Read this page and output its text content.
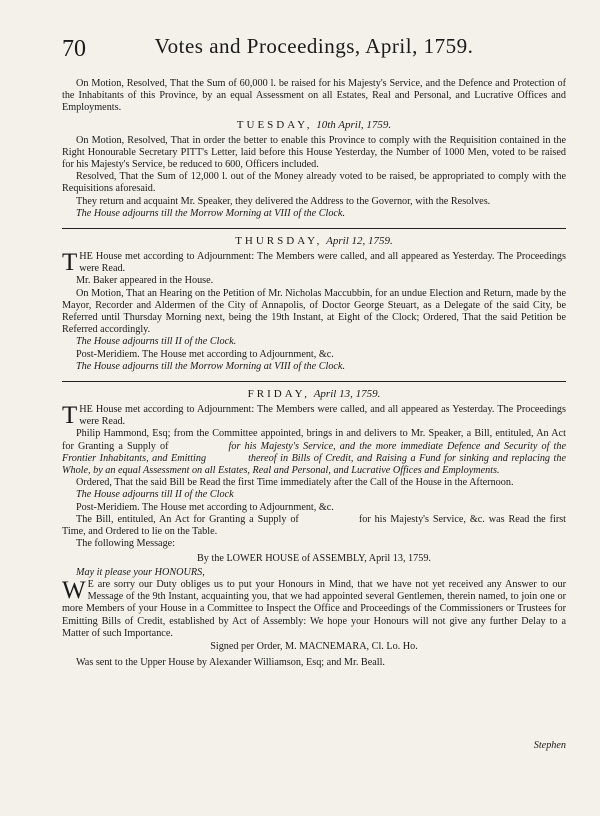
70	Votes and Proceedings, April, 1759.

On Motion, Resolved, That the Sum of 60,000 l. be raised for his Majesty's Service, and the Defence and Protection of the Inhabitants of this Province, by an equal Assessment on all Estates, Real and Personal, and Lucrative Offices and Employments.

TUESDAY, 10th April, 1759.

On Motion, Resolved, That in order the better to enable this Province to comply with the Requisition contained in the Right Honourable Secretary PITT's Letter, laid before this House Yesterday, the Number of 1000 Men, voted to be raised for his Majesty's Service, be reduced to 600, Officers included.

Resolved, That the Sum of 12,000 l. out of the Money already voted to be raised, be appropriated to comply with the Requisitions aforesaid.

They return and acquaint Mr. Speaker, they delivered the Address to the Governor, with the Resolves.

The House adjourns till the Morrow Morning at VIII of the Clock.

THURSDAY, April 12, 1759.

THE House met according to Adjournment: The Members were called, and all appeared as Yesterday. The Proceedings were Read.

Mr. Baker appeared in the House.

On Motion, That an Hearing on the Petition of Mr. Nicholas Maccubbin, for an undue Election and Return, made by the Mayor, Recorder and Aldermen of the City of Annapolis, of Doctor George Steuart, as a Delegate of the said City, be Referred until Thursday Morning next, being the 19th Instant, at Eight of the Clock; Ordered, That the said Petition be Referred accordingly.

The House adjourns till II of the Clock.

Post-Meridiem. The House met according to Adjournment, &c.

The House adjourns till the Morrow Morning at VIII of the Clock.

FRIDAY, April 13, 1759.

THE House met according to Adjournment: The Members were called, and all appeared as Yesterday. The Proceedings were Read.

Philip Hammond, Esq; from the Committee appointed, brings in and delivers to Mr. Speaker, a Bill, entituled, An Act for Granting a Supply of	for his Majesty's Service, and the more immediate Defence and Security of the Frontier Inhabitants, and Emitting	thereof in Bills of Credit, and Raising a Fund for sinking and replacing the Whole, by an equal Assessment on all Estates, Real and Personal, and Lucrative Offices and Employments.

Ordered, That the said Bill be Read the first Time immediately after the Call of the House in the Afternoon.

The House adjourns till II of the Clock

Post-Meridiem. The House met according to Adjournment, &c.

The Bill, entituled, An Act for Granting a Supply of	for his Majesty's Service, &c. was Read the first Time, and Ordered to lie on the Table.

The following Message:

By the LOWER HOUSE of ASSEMBLY, April 13, 1759.

May it please your HONOURS,

W E are sorry our Duty obliges us to put your Honours in Mind, that we have not yet received any Answer to our Message of the 9th Instant, acquainting you, that we had appointed several Gentlemen, therein named, to join one or more Members of your House in a Committee to Inspect the Office and Proceedings of the Commissioners or Trustees for Emitting Bills of Credit, established by Act of Assembly: We hope your Honours will not give any further Delay to a Matter of such Importance.

Signed per Order, M. MACNEMARA, Cl. Lo. Ho.

Was sent to the Upper House by Alexander Williamson, Esq; and Mr. Beall.

Stephen
